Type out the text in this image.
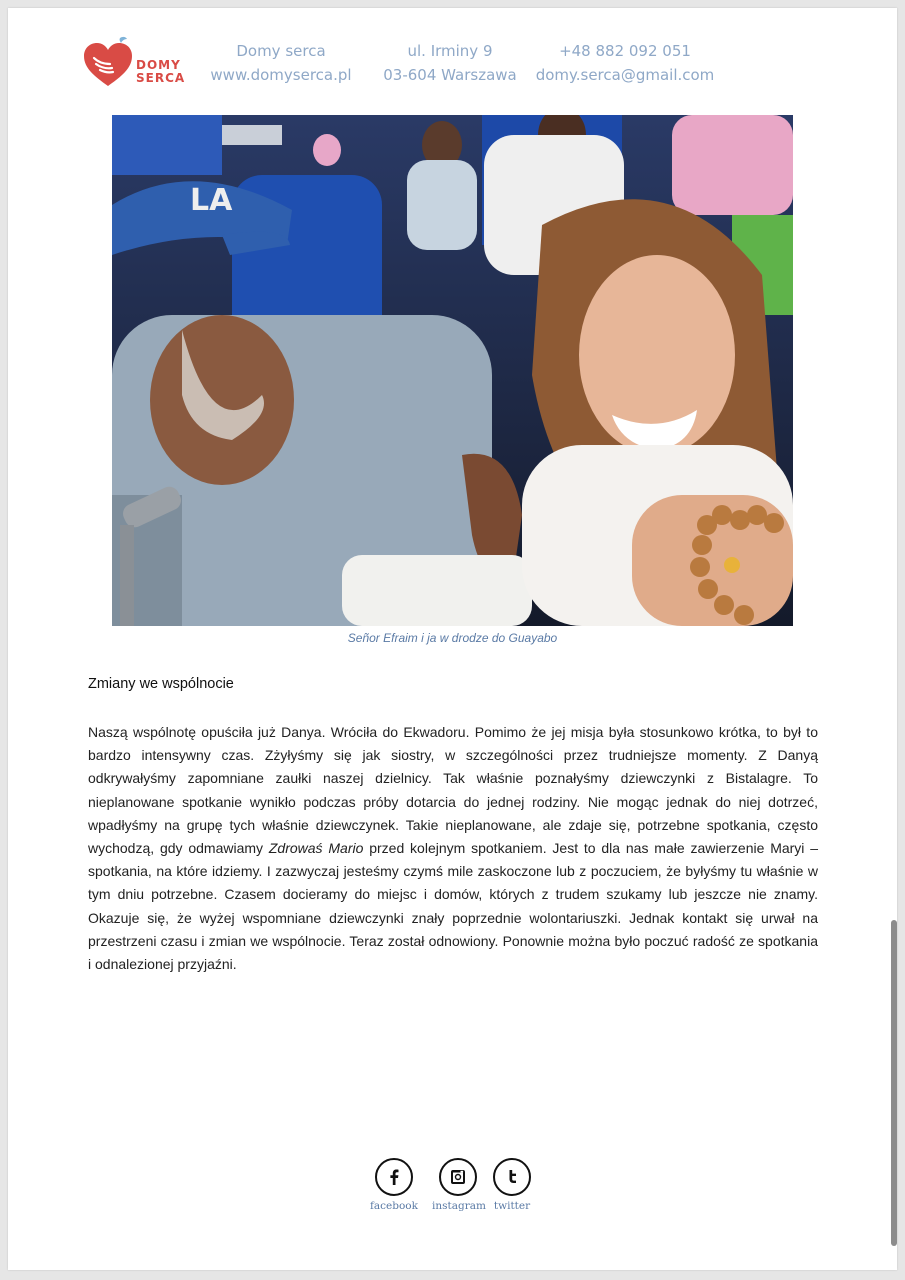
DOMY
SERCA
Domy serca
www.domyserca.pl
ul. Irminy 9
03-604 Warszawa
+48 882 092 051
domy.serca@gmail.com
LA
Señor Efraim i ja w drodze do Guayabo
Zmiany we wspólnocie
Naszą wspólnotę opuściła już Danya. Wróciła do Ekwadoru. Pomimo że jej misja była stosunkowo krótka, to był to bardzo intensywny czas. Zżyłyśmy się jak siostry, w szczególności przez trudniejsze momenty. Z Danyą odkrywałyśmy zapomniane zaułki naszej dzielnicy. Tak właśnie poznałyśmy dziewczynki z Bistalagre. To nieplanowane spotkanie wynikło podczas próby dotarcia do jednej rodziny. Nie mogąc jednak do niej dotrzeć, wpadłyśmy na grupę tych właśnie dziewczynek. Takie nieplanowane, ale zdaje się, potrzebne spotkania, często wychodzą, gdy odmawiamy Zdrowaś Mario przed kolejnym spotkaniem. Jest to dla nas małe zawierzenie Maryi – spotkania, na które idziemy. I zazwyczaj jesteśmy czymś mile zaskoczone lub z poczuciem, że byłyśmy tu właśnie w tym dniu potrzebne. Czasem docieramy do miejsc i domów, których z trudem szukamy lub jeszcze nie znamy. Okazuje się, że wyżej wspomniane dziewczynki znały poprzednie wolontariuszki. Jednak kontakt się urwał na przestrzeni czasu i zmian we wspólnocie. Teraz został odnowiony. Ponownie można było poczuć radość ze spotkania i odnalezionej przyjaźni.
facebook instagram twitter
